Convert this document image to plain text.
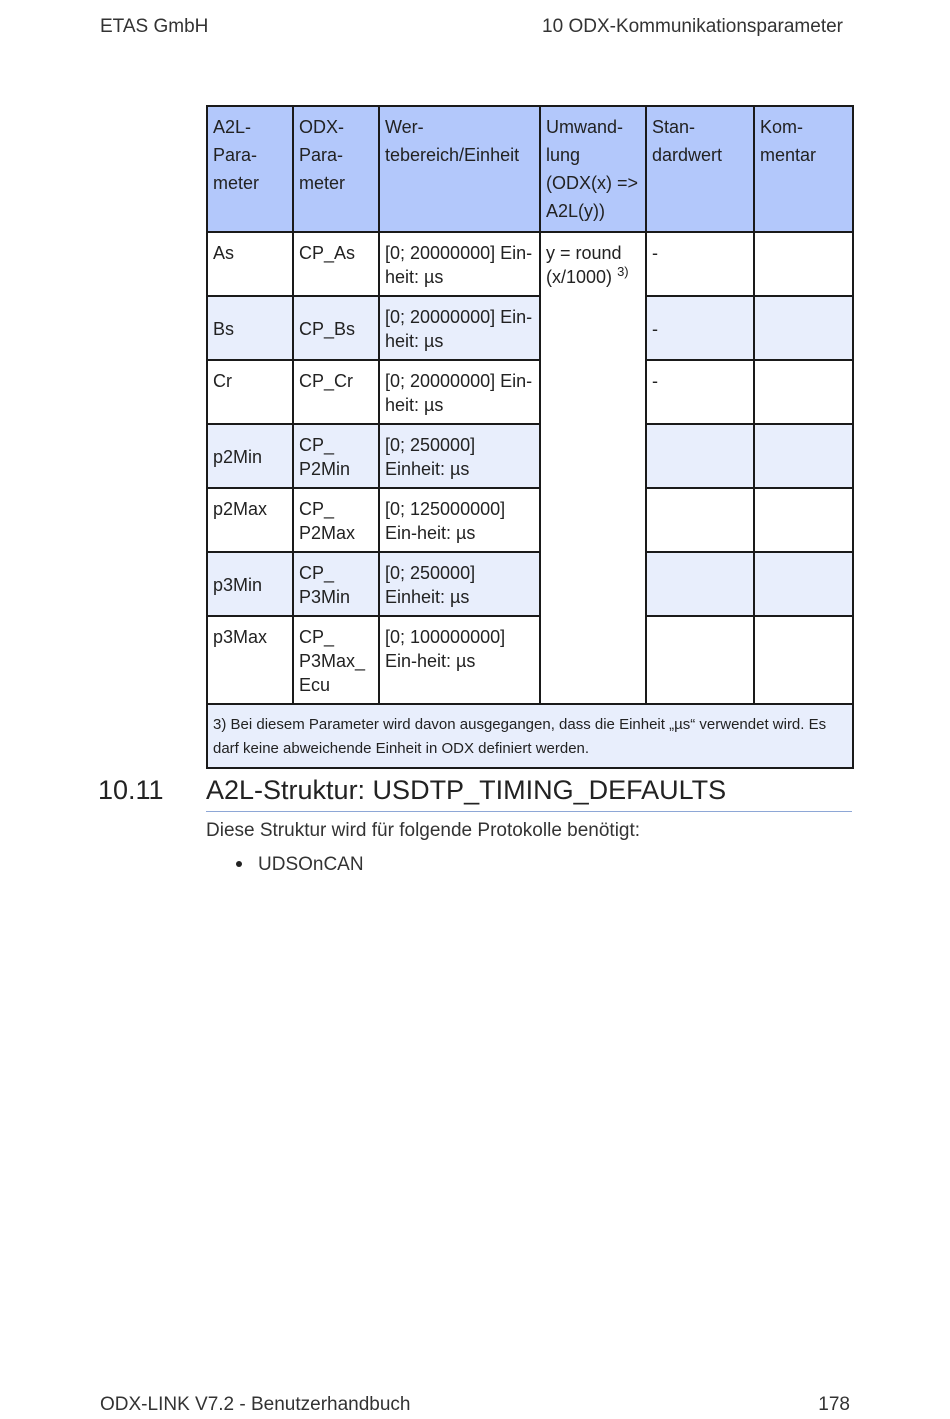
ETAS GmbH	10 ODX-Kommunikationsparameter
A2L-
Para-
meter	ODX-
Para-
meter	Wer-
tebereich/Einheit	Umwand-
lung
(ODX(x) =>
A2L(y))	Stan-
dardwert	Kom-
mentar
As	CP_As	[0; 20000000] Ein-heit: µs	y = round (x/1000) $^{3)}$	-	
Bs	CP_Bs	[0; 20000000] Ein-heit: µs		-	
Cr	CP_Cr	[0; 20000000] Ein-heit: µs		-	
p2Min	CP_ P2Min	[0; 250000] Einheit: µs			
p2Max	CP_ P2Max	[0; 125000000] Ein-heit: µs			
p3Min	CP_ P3Min	[0; 250000] Einheit: µs			
p3Max	CP_ P3Max_ Ecu	[0; 100000000] Ein-heit: µs			
3) Bei diesem Parameter wird davon ausgegangen, dass die Einheit „µs“ verwendet wird. Es darf keine abweichende Einheit in ODX definiert werden.					
10.11 A2L-Struktur: USDTP_TIMING_DEFAULTS
Diese Struktur wird für folgende Protokolle benötigt:
UDSOnCAN
ODX-LINK V7.2 - Benutzerhandbuch	178
